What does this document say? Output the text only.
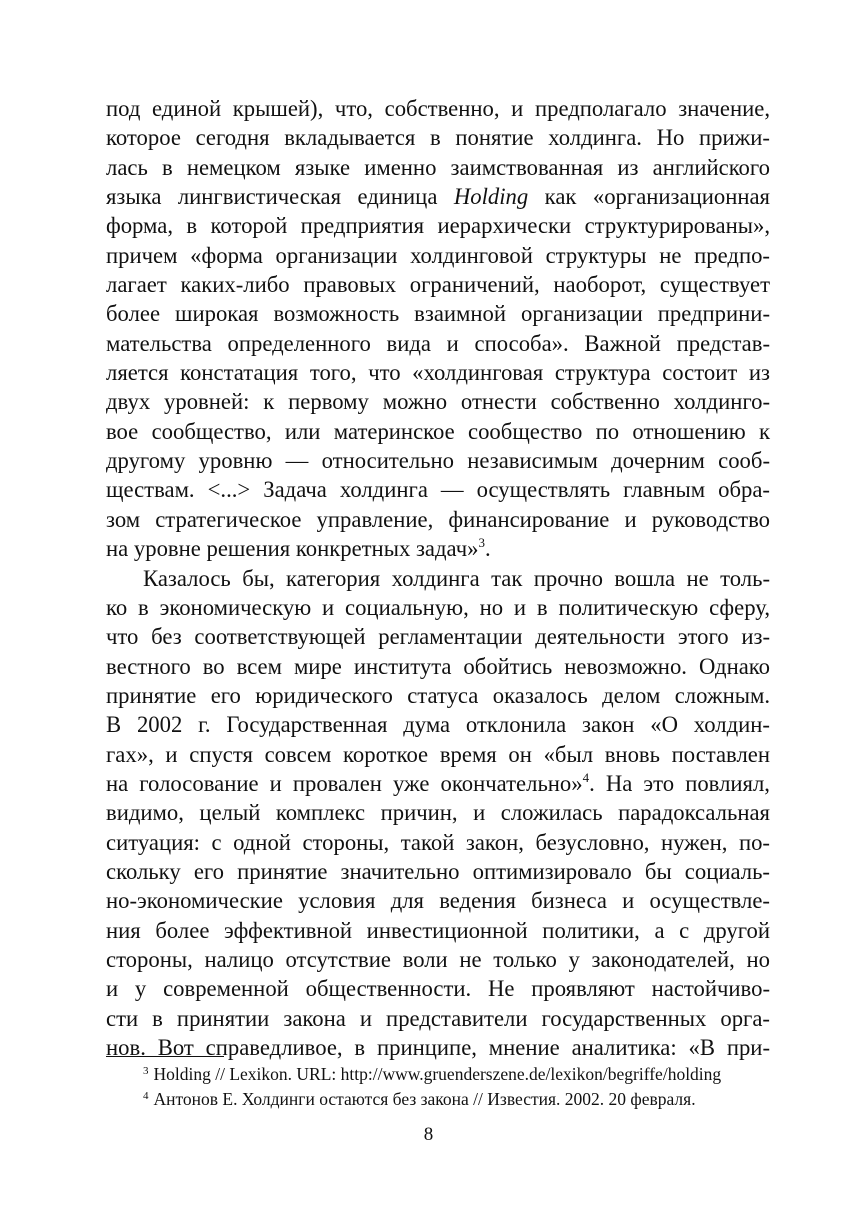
под единой крышей), что, собственно, и предполагало значение,
которое сегодня вкладывается в понятие холдинга. Но прижи-
лась в немецком языке именно заимствованная из английского
языка лингвистическая единица Holding как «организационная
форма, в которой предприятия иерархически структурированы»,
причем «форма организации холдинговой структуры не предпо-
лагает каких-либо правовых ограничений, наоборот, существует
более широкая возможность взаимной организации предприни-
мательства определенного вида и способа». Важной представ-
ляется констатация того, что «холдинговая структура состоит из
двух уровней: к первому можно отнести собственно холдинго-
вое сообщество, или материнское сообщество по отношению к
другому уровню — относительно независимым дочерним сооб-
ществам. <...> Задача холдинга — осуществлять главным обра-
зом стратегическое управление, финансирование и руководство
на уровне решения конкретных задач»$^3$.
Казалось бы, категория холдинга так прочно вошла не толь-
ко в экономическую и социальную, но и в политическую сферу,
что без соответствующей регламентации деятельности этого из-
вестного во всем мире института обойтись невозможно. Однако
принятие его юридического статуса оказалось делом сложным.
В 2002 г. Государственная дума отклонила закон «О холдин-
гах», и спустя совсем короткое время он «был вновь поставлен
на голосование и провален уже окончательно»$^4$. На это повлиял,
видимо, целый комплекс причин, и сложилась парадоксальная
ситуация: с одной стороны, такой закон, безусловно, нужен, по-
скольку его принятие значительно оптимизировало бы социаль-
но-экономические условия для ведения бизнеса и осуществле-
ния более эффективной инвестиционной политики, а с другой
стороны, налицо отсутствие воли не только у законодателей, но
и у современной общественности. Не проявляют настойчиво-
сти в принятии закона и представители государственных орга-
нов. Вот справедливое, в принципе, мнение аналитика: «В при-
$^3$ Holding // Lexikon. URL: http://www.gruenderszene.de/lexikon/begriffe/holding
$^4$ Антонов Е. Холдинги остаются без закона // Известия. 2002. 20 февраля.
8
